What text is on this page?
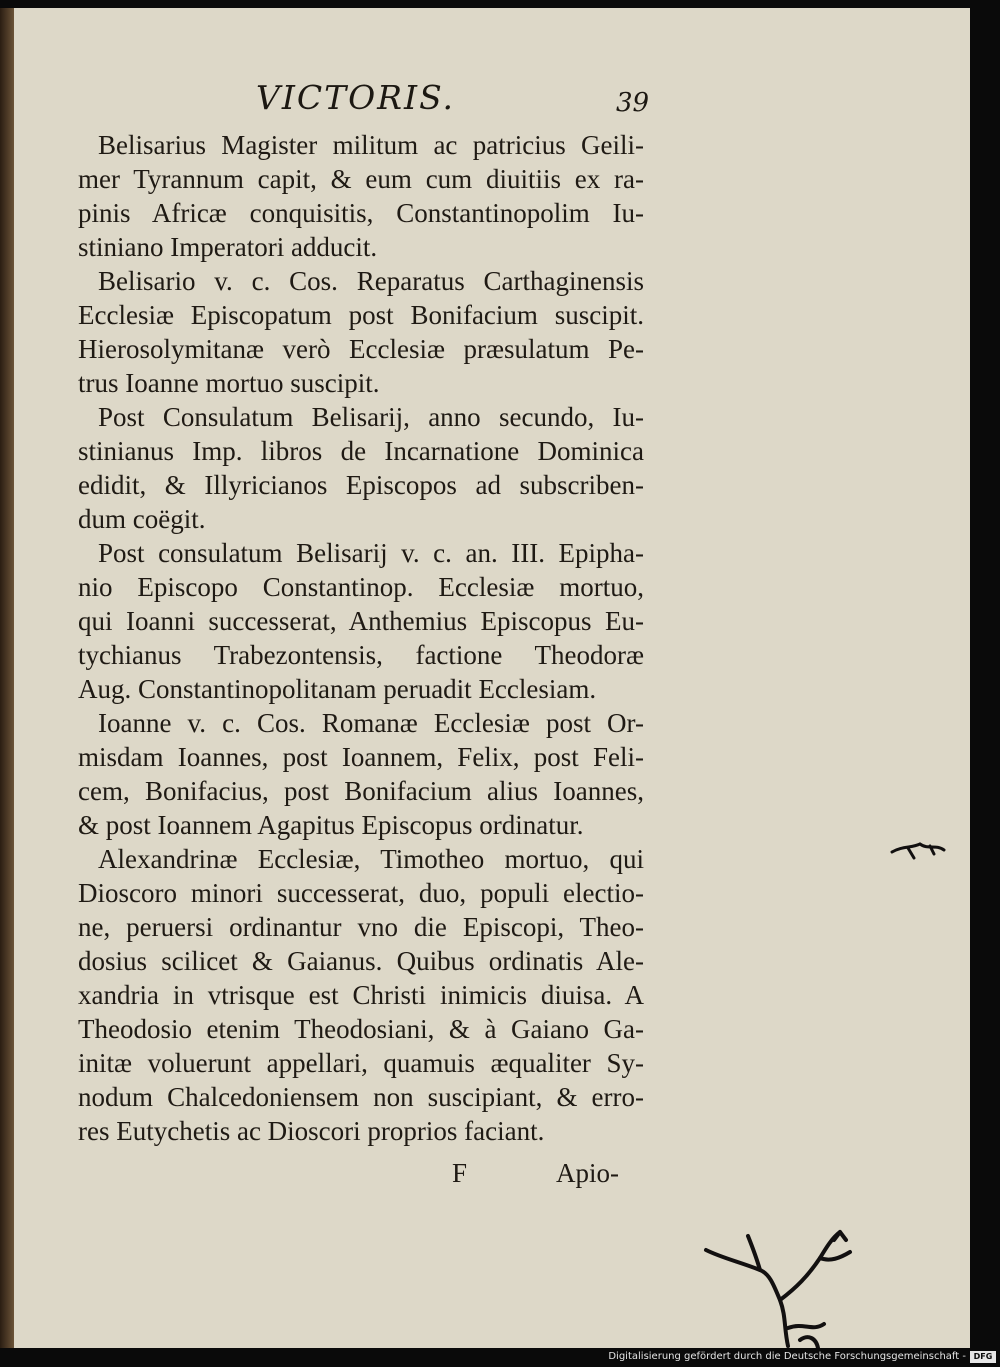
VICTORIS.	39
Belisarius Magister militum ac patricius Geili-
mer Tyrannum capit, & eum cum diuitiis ex ra-
pinis Africæ conquisitis, Constantinopolim Iu-
stiniano Imperatori adducit.
Belisario v. c. Cos. Reparatus Carthaginensis
Ecclesiæ Episcopatum post Bonifacium suscipit.
Hierosolymitanæ verò Ecclesiæ præsulatum Pe-
trus Ioanne mortuo suscipit.
Post Consulatum Belisarij, anno secundo, Iu-
stinianus Imp. libros de Incarnatione Dominica
edidit, & Illyricianos Episcopos ad subscriben-
dum coëgit.
Post consulatum Belisarij v. c. an. III. Epipha-
nio Episcopo Constantinop. Ecclesiæ mortuo,
qui Ioanni successerat, Anthemius Episcopus Eu-
tychianus Trabezontensis, factione Theodoræ
Aug. Constantinopolitanam peruadit Ecclesiam.
Ioanne v. c. Cos. Romanæ Ecclesiæ post Or-
misdam Ioannes, post Ioannem, Felix, post Feli-
cem, Bonifacius, post Bonifacium alius Ioannes,
& post Ioannem Agapitus Episcopus ordinatur.
Alexandrinæ Ecclesiæ, Timotheo mortuo, qui
Dioscoro minori successerat, duo, populi electio-
ne, peruersi ordinantur vno die Episcopi, Theo-
dosius scilicet & Gaianus. Quibus ordinatis Ale-
xandria in vtrisque est Christi inimicis diuisa. A
Theodosio etenim Theodosiani, & à Gaiano Ga-
initæ voluerunt appellari, quamuis æqualiter Sy-
nodum Chalcedoniensem non suscipiant, & erro-
res Eutychetis ac Dioscori proprios faciant.
F	Apio-
Digitalisierung gefördert durch die Deutsche Forschungsgemeinschaft - DFG
